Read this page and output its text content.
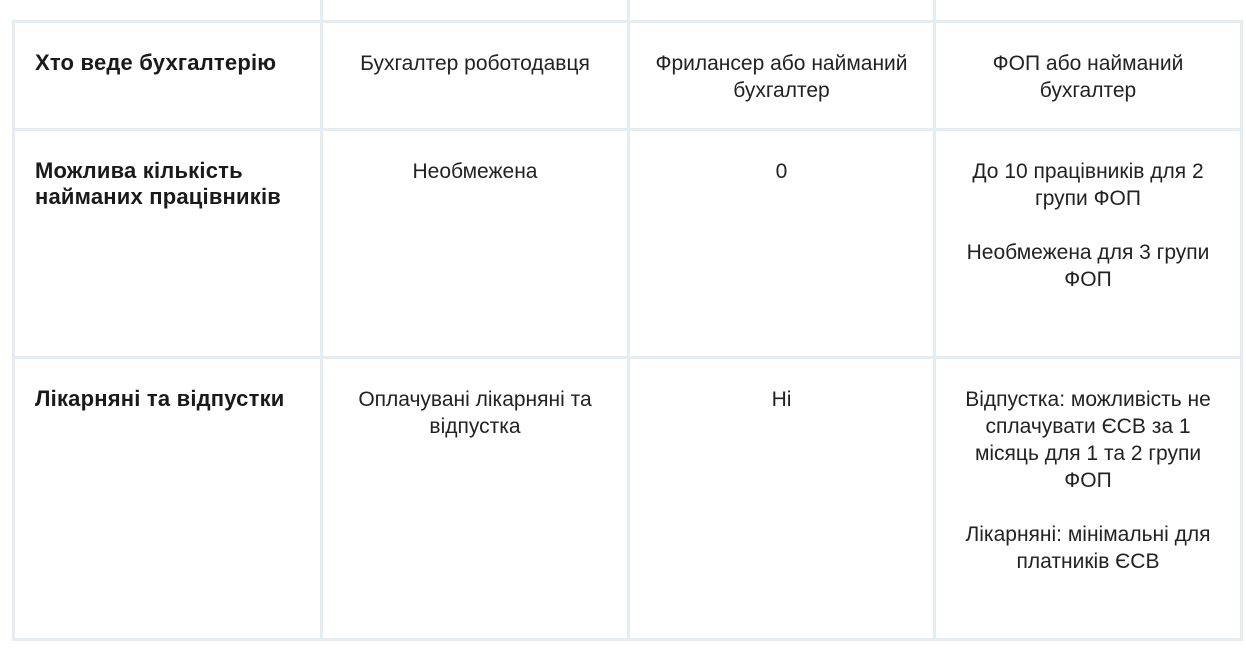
Хто веде бухгалтерію	Бухгалтер роботодавця	Фрилансер або найманий бухгалтер	ФОП або найманий бухгалтер

Можлива кількість найманих працівників	Необмежена	0	До 10 працівників для 2 групи ФОП
Необмежена для 3 групи ФОП

Лікарняні та відпустки	Оплачувані лікарняні та відпустка	Ні	Відпустка: можливість не сплачувати ЄСВ за 1 місяць для 1 та 2 групи ФОП
Лікарняні: мінімальні для платників ЄСВ
